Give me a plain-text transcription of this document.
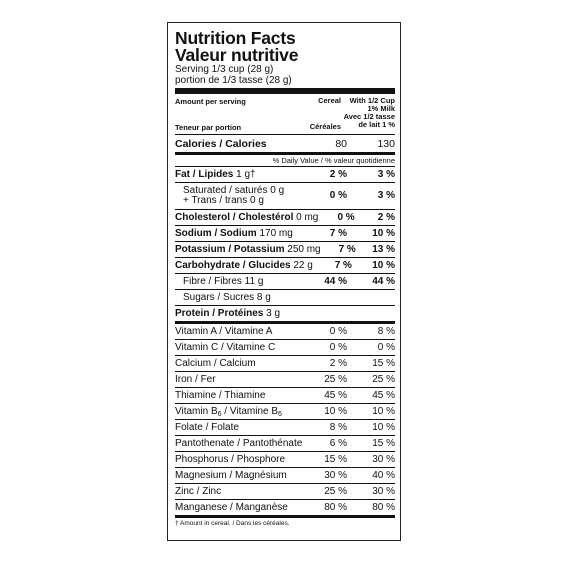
Nutrition Facts
Valeur nutritive
Serving 1/3 cup (28 g)
portion de 1/3 tasse (28 g)
Amount per serving
Teneur par portion
Cereal
Céréales
With 1/2 Cup 1% Milk
Avec 1/2 tasse de lait 1 %
Calories / Calories	80	130
% Daily Value / % valeur quotidienne
Fat / Lipides 1 g†	2 %	3 %
Saturated / saturés 0 g
+ Trans / trans 0 g	0 %	3 %
Cholesterol / Cholestérol 0 mg	0 %	2 %
Sodium / Sodium 170 mg	7 %	10 %
Potassium / Potassium 250 mg	7 %	13 %
Carbohydrate / Glucides 22 g	7 %	10 %
Fibre / Fibres 11 g	44 %	44 %
Sugars / Sucres 8 g
Protein / Protéines 3 g
Vitamin A / Vitamine A	0 %	8 %
Vitamin C / Vitamine C	0 %	0 %
Calcium / Calcium	2 %	15 %
Iron / Fer	25 %	25 %
Thiamine / Thiamine	45 %	45 %
Vitamin $B_6$ / Vitamine $B_6$	10 %	10 %
Folate / Folate	8 %	10 %
Pantothenate / Pantothénate	6 %	15 %
Phosphorus / Phosphore	15 %	30 %
Magnesium / Magnésium	30 %	40 %
Zinc / Zinc	25 %	30 %
Manganese / Manganèse	80 %	80 %
† Amount in cereal. / Dans les céréales.
